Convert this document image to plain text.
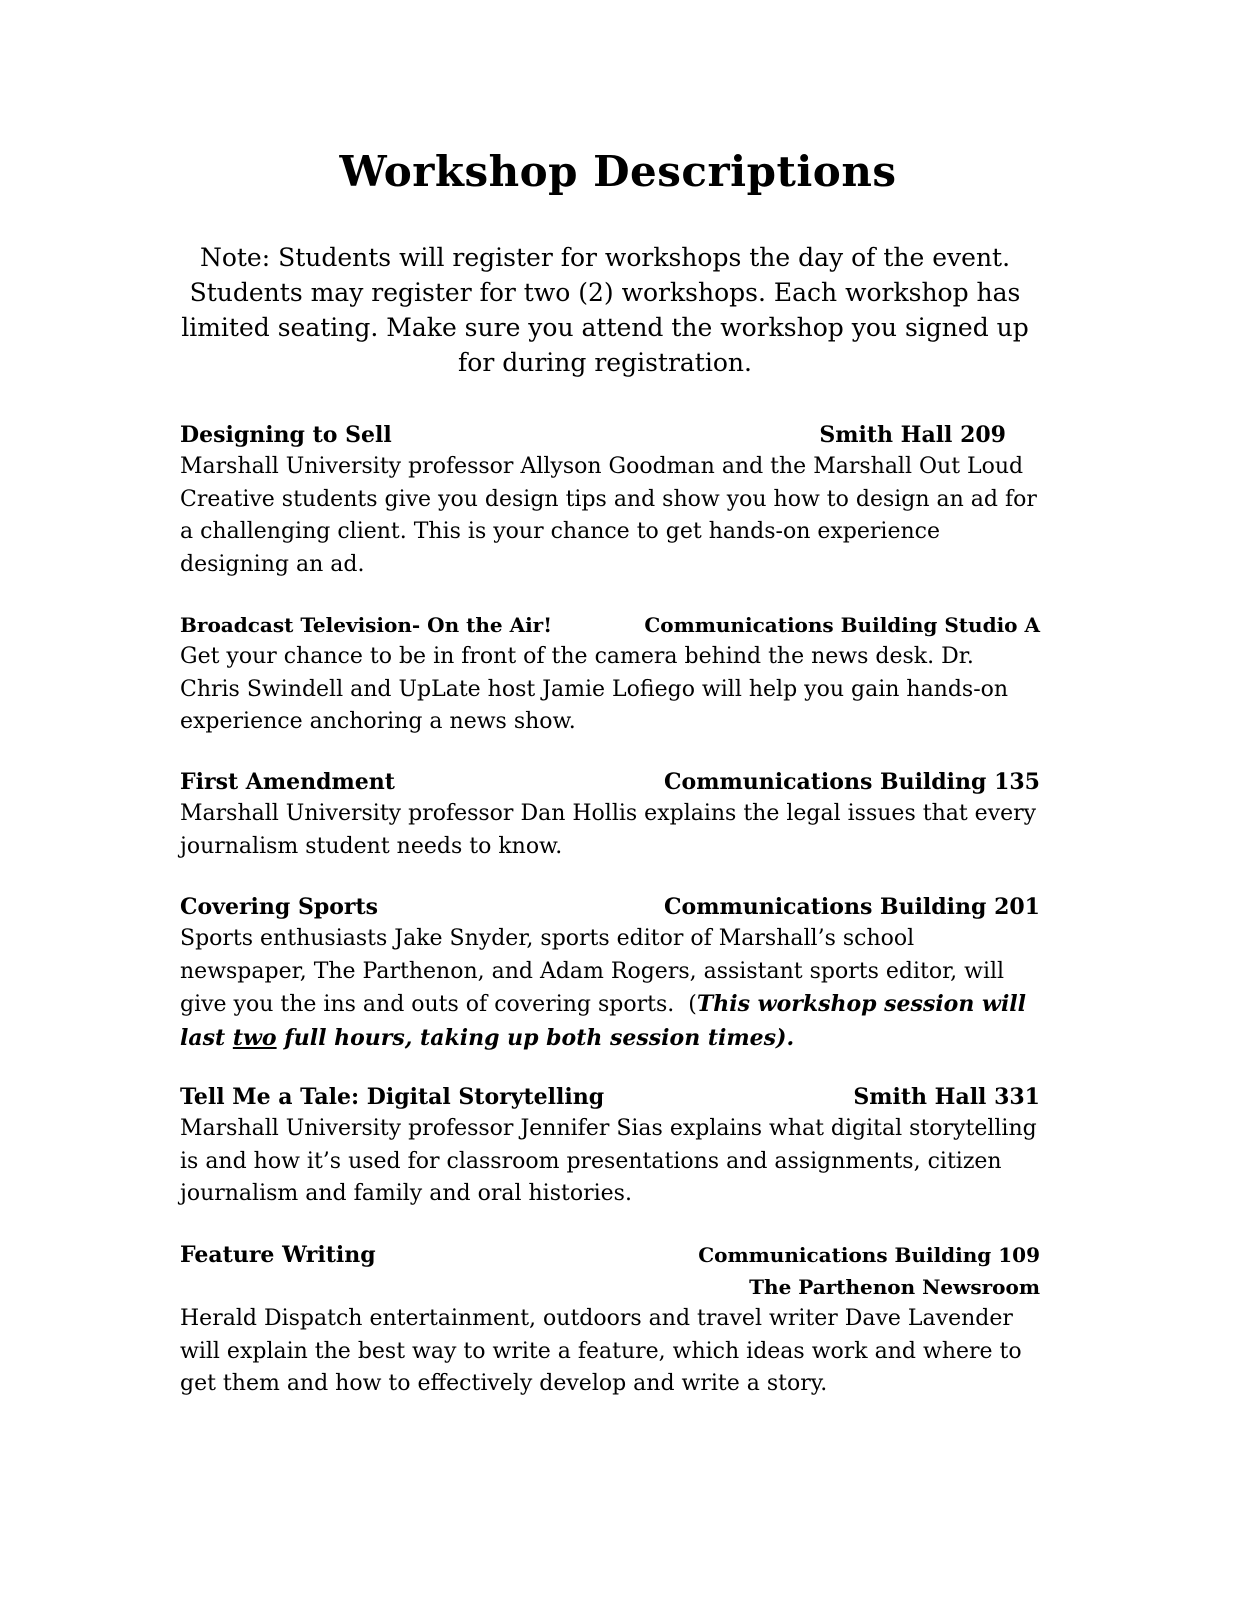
Workshop Descriptions
Note: Students will register for workshops the day of the event. Students may register for two (2) workshops. Each workshop has limited seating. Make sure you attend the workshop you signed up for during registration.
Designing to Sell	Smith Hall 209

Marshall University professor Allyson Goodman and the Marshall Out Loud Creative students give you design tips and show you how to design an ad for a challenging client. This is your chance to get hands-on experience designing an ad.

Broadcast Television- On the Air!	Communications Building Studio A

Get your chance to be in front of the camera behind the news desk. Dr. Chris Swindell and UpLate host Jamie Lofiego will help you gain hands-on experience anchoring a news show.

First Amendment	Communications Building 135

Marshall University professor Dan Hollis explains the legal issues that every journalism student needs to know.

Covering Sports	Communications Building 201

Sports enthusiasts Jake Snyder, sports editor of Marshall’s school newspaper, The Parthenon, and Adam Rogers, assistant sports editor, will give you the ins and outs of covering sports. (This workshop session will last two full hours, taking up both session times).

Tell Me a Tale: Digital Storytelling	Smith Hall 331

Marshall University professor Jennifer Sias explains what digital storytelling is and how it’s used for classroom presentations and assignments, citizen journalism and family and oral histories.

Feature Writing	Communications Building 109
The Parthenon Newsroom

Herald Dispatch entertainment, outdoors and travel writer Dave Lavender will explain the best way to write a feature, which ideas work and where to get them and how to effectively develop and write a story.
